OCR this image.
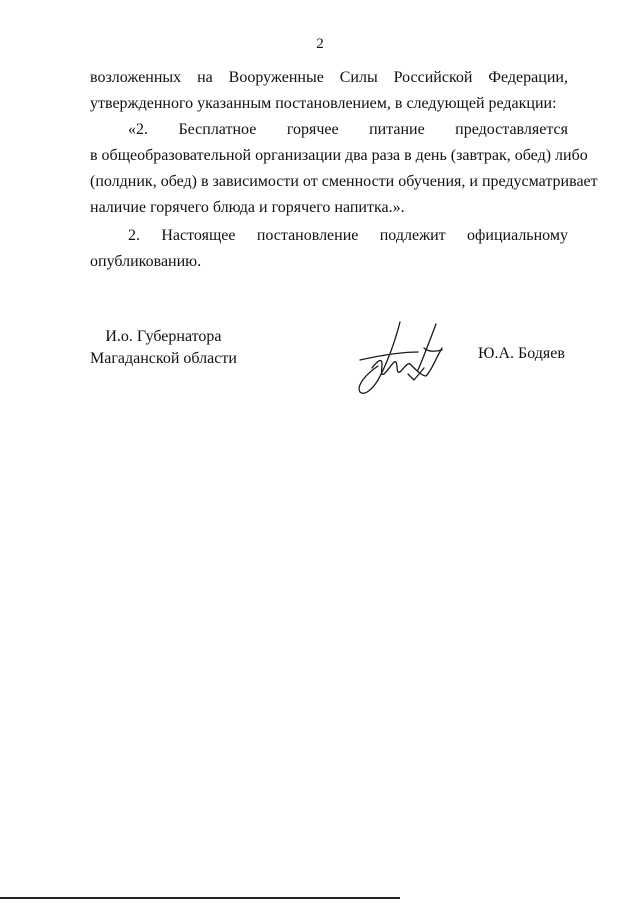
2
возложенных на Вооруженные Силы Российской Федерации,
утвержденного указанным постановлением, в следующей редакции:
«2. Бесплатное горячее питание предоставляется
в общеобразовательной организации два раза в день (завтрак, обед) либо
(полдник, обед) в зависимости от сменности обучения, и предусматривает
наличие горячего блюда и горячего напитка.».
2. Настоящее постановление подлежит официальному
опубликованию.
И.о. Губернатора
Магаданской области	Ю.А. Бодяев
